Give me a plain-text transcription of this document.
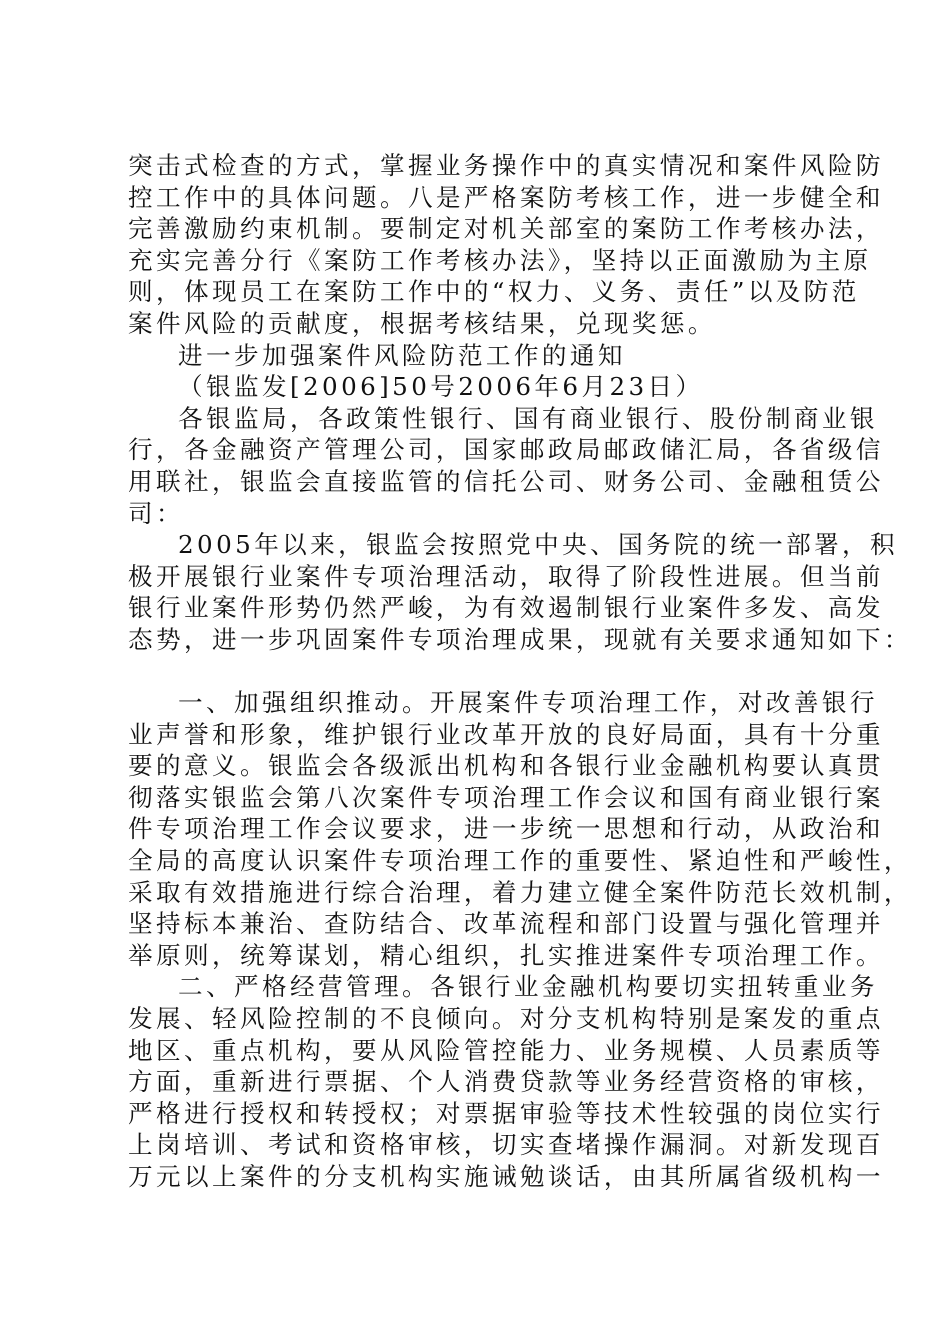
突击式检查的方式，掌握业务操作中的真实情况和案件风险防
控工作中的具体问题。八是严格案防考核工作，进一步健全和
完善激励约束机制。要制定对机关部室的案防工作考核办法，
充实完善分行《案防工作考核办法》，坚持以正面激励为主原
则，体现员工在案防工作中的“权力、义务、责任”以及防范
案件风险的贡献度，根据考核结果，兑现奖惩。
进一步加强案件风险防范工作的通知
（银监发[2006]50号2006年6月23日）
各银监局，各政策性银行、国有商业银行、股份制商业银
行，各金融资产管理公司，国家邮政局邮政储汇局，各省级信
用联社，银监会直接监管的信托公司、财务公司、金融租赁公
司：
2005年以来，银监会按照党中央、国务院的统一部署，积
极开展银行业案件专项治理活动，取得了阶段性进展。但当前
银行业案件形势仍然严峻，为有效遏制银行业案件多发、高发
态势，进一步巩固案件专项治理成果，现就有关要求通知如下：
一、加强组织推动。开展案件专项治理工作，对改善银行
业声誉和形象，维护银行业改革开放的良好局面，具有十分重
要的意义。银监会各级派出机构和各银行业金融机构要认真贯
彻落实银监会第八次案件专项治理工作会议和国有商业银行案
件专项治理工作会议要求，进一步统一思想和行动，从政治和
全局的高度认识案件专项治理工作的重要性、紧迫性和严峻性，
采取有效措施进行综合治理，着力建立健全案件防范长效机制，
坚持标本兼治、查防结合、改革流程和部门设置与强化管理并
举原则，统筹谋划，精心组织，扎实推进案件专项治理工作。
二、严格经营管理。各银行业金融机构要切实扭转重业务
发展、轻风险控制的不良倾向。对分支机构特别是案发的重点
地区、重点机构，要从风险管控能力、业务规模、人员素质等
方面，重新进行票据、个人消费贷款等业务经营资格的审核，
严格进行授权和转授权；对票据审验等技术性较强的岗位实行
上岗培训、考试和资格审核，切实查堵操作漏洞。对新发现百
万元以上案件的分支机构实施诫勉谈话，由其所属省级机构一
